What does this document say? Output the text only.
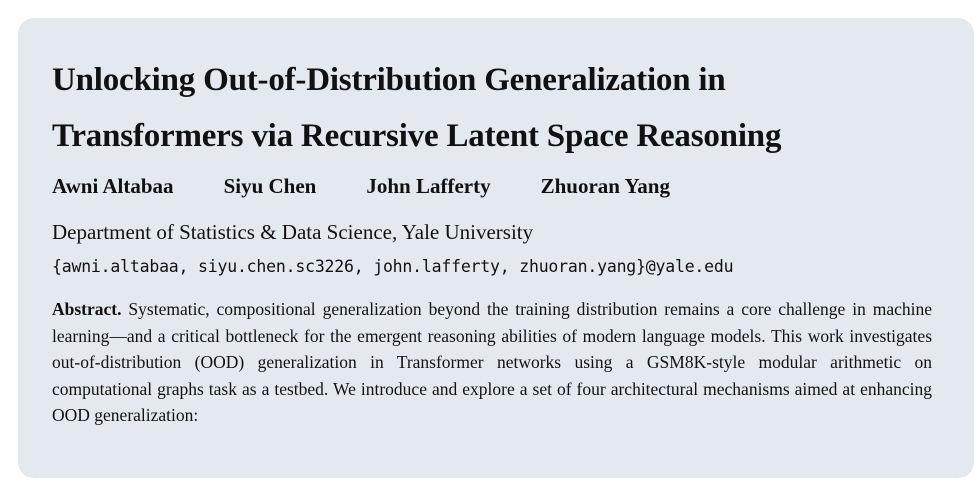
Unlocking Out-of-Distribution Generalization in
Transformers via Recursive Latent Space Reasoning
Awni Altabaa Siyu Chen John Lafferty Zhuoran Yang
Department of Statistics & Data Science, Yale University
{awni.altabaa, siyu.chen.sc3226, john.lafferty, zhuoran.yang}@yale.edu

Abstract. Systematic, compositional generalization beyond the training distribution remains a core challenge in machine learning—and a critical bottleneck for the emergent reasoning abilities of modern language models. This work investigates out-of-distribution (OOD) generalization in Transformer networks using a GSM8K-style modular arithmetic on computational graphs task as a testbed. We introduce and explore a set of four architectural mechanisms aimed at enhancing OOD generalization:
